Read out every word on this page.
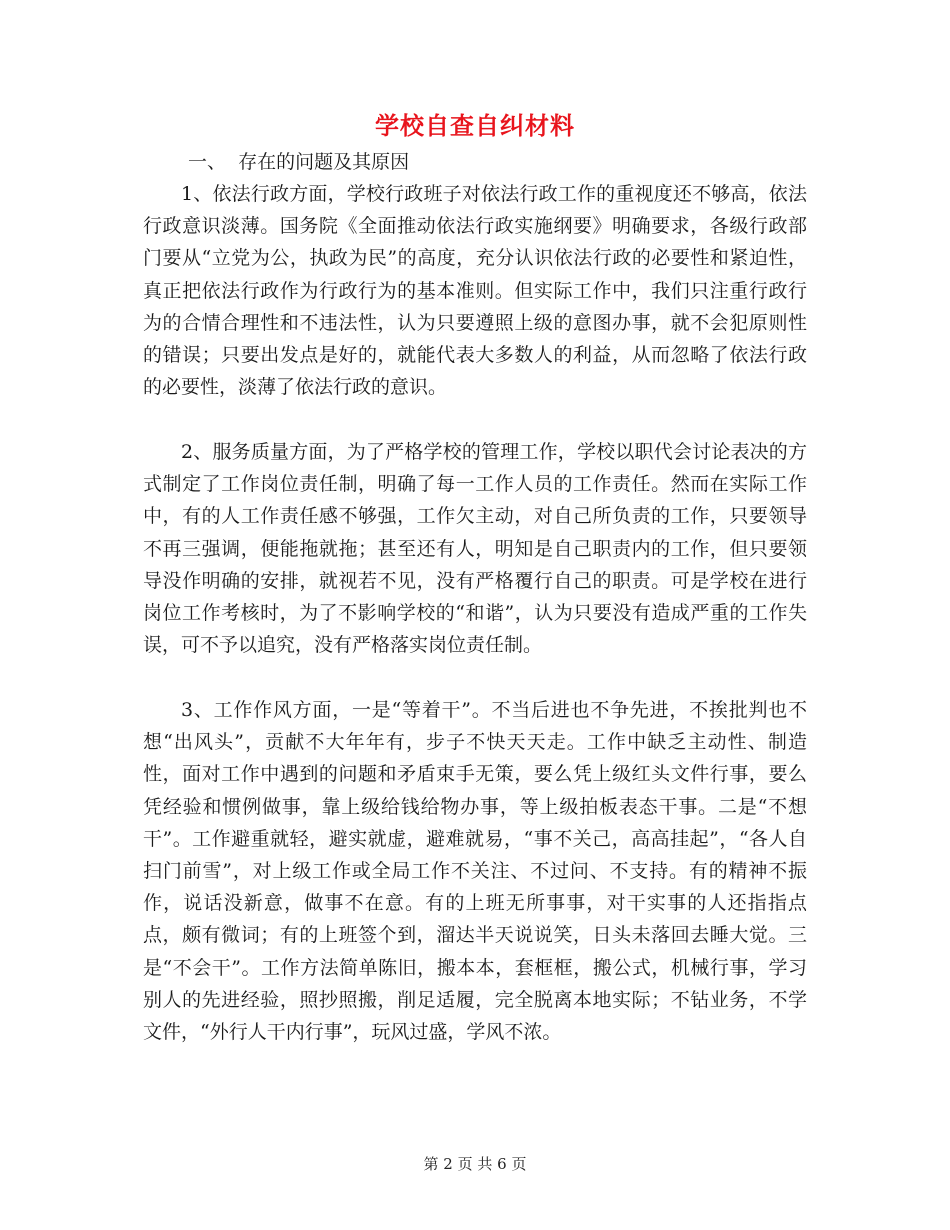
学校自查自纠材料
一、  存在的问题及其原因

1、依法行政方面，学校行政班子对依法行政工作的重视度还不够高，依法行政意识淡薄。国务院《全面推动依法行政实施纲要》明确要求，各级行政部门要从“立党为公，执政为民”的高度，充分认识依法行政的必要性和紧迫性，真正把依法行政作为行政行为的基本准则。但实际工作中，我们只注重行政行为的合情合理性和不违法性，认为只要遵照上级的意图办事，就不会犯原则性的错误；只要出发点是好的，就能代表大多数人的利益，从而忽略了依法行政的必要性，淡薄了依法行政的意识。

2、服务质量方面，为了严格学校的管理工作，学校以职代会讨论表决的方式制定了工作岗位责任制，明确了每一工作人员的工作责任。然而在实际工作中，有的人工作责任感不够强，工作欠主动，对自己所负责的工作，只要领导不再三强调，便能拖就拖；甚至还有人，明知是自己职责内的工作，但只要领导没作明确的安排，就视若不见，没有严格覆行自己的职责。可是学校在进行岗位工作考核时，为了不影响学校的“和谐”，认为只要没有造成严重的工作失误，可不予以追究，没有严格落实岗位责任制。

3、工作作风方面，一是“等着干”。不当后进也不争先进，不挨批判也不想“出风头”，贡献不大年年有，步子不快天天走。工作中缺乏主动性、制造性，面对工作中遇到的问题和矛盾束手无策，要么凭上级红头文件行事，要么凭经验和惯例做事，靠上级给钱给物办事，等上级拍板表态干事。二是“不想干”。工作避重就轻，避实就虚，避难就易，“事不关己，高高挂起”，“各人自扫门前雪”，对上级工作或全局工作不关注、不过问、不支持。有的精神不振作，说话没新意，做事不在意。有的上班无所事事，对干实事的人还指指点点，颇有微词；有的上班签个到，溜达半天说说笑，日头未落回去睡大觉。三是“不会干”。工作方法简单陈旧，搬本本，套框框，搬公式，机械行事，学习别人的先进经验，照抄照搬，削足适履，完全脱离本地实际；不钻业务，不学文件，“外行人干内行事”，玩风过盛，学风不浓。

第 2 页 共 6 页
